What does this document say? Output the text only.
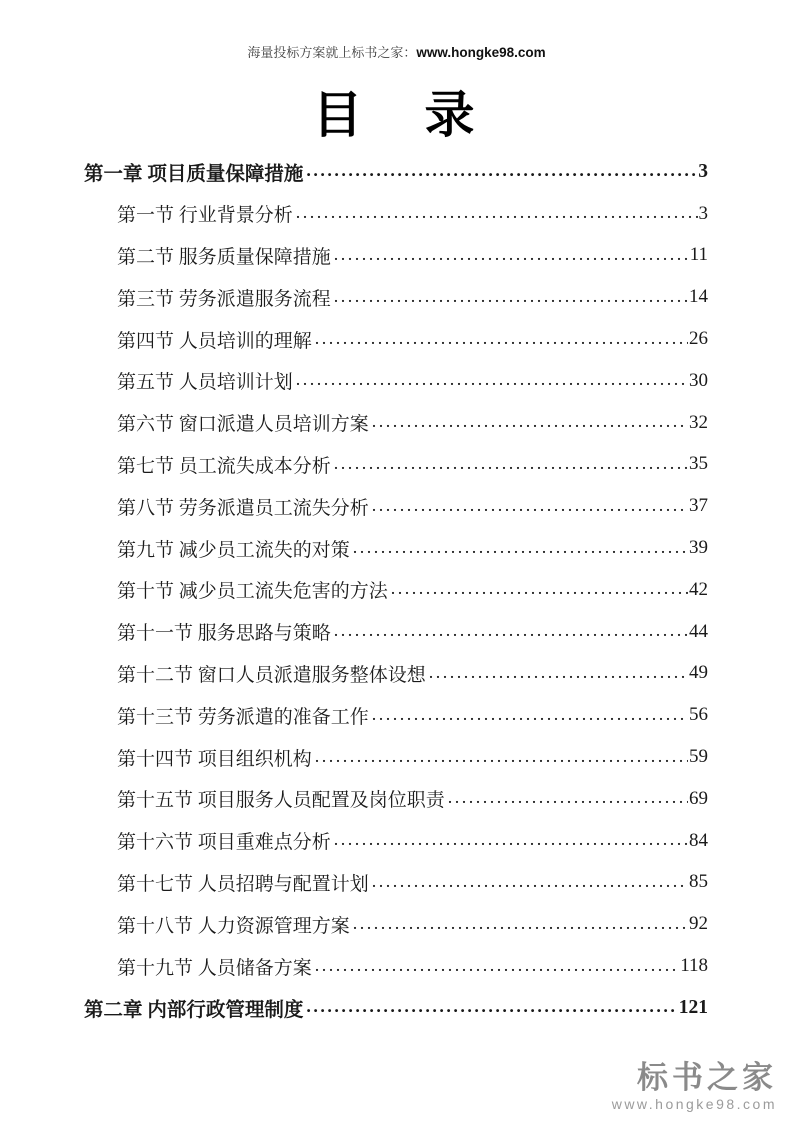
海量投标方案就上标书之家：www.hongke98.com
目　录
第一章 项目质量保障措施 .....	3
第一节 行业背景分析 .....	3
第二节 服务质量保障措施 .....	11
第三节 劳务派遣服务流程 .....	14
第四节 人员培训的理解 .....	26
第五节 人员培训计划 .....	30
第六节 窗口派遣人员培训方案 .....	32
第七节 员工流失成本分析 .....	35
第八节 劳务派遣员工流失分析 .....	37
第九节 减少员工流失的对策 .....	39
第十节 减少员工流失危害的方法 .....	42
第十一节 服务思路与策略 .....	44
第十二节 窗口人员派遣服务整体设想 .....	49
第十三节 劳务派遣的准备工作 .....	56
第十四节 项目组织机构 .....	59
第十五节 项目服务人员配置及岗位职责 .....	69
第十六节 项目重难点分析 .....	84
第十七节 人员招聘与配置计划 .....	85
第十八节 人力资源管理方案 .....	92
第十九节 人员储备方案 .....	118
第二章 内部行政管理制度 .....	121
标书之家
www.hongke98.com
